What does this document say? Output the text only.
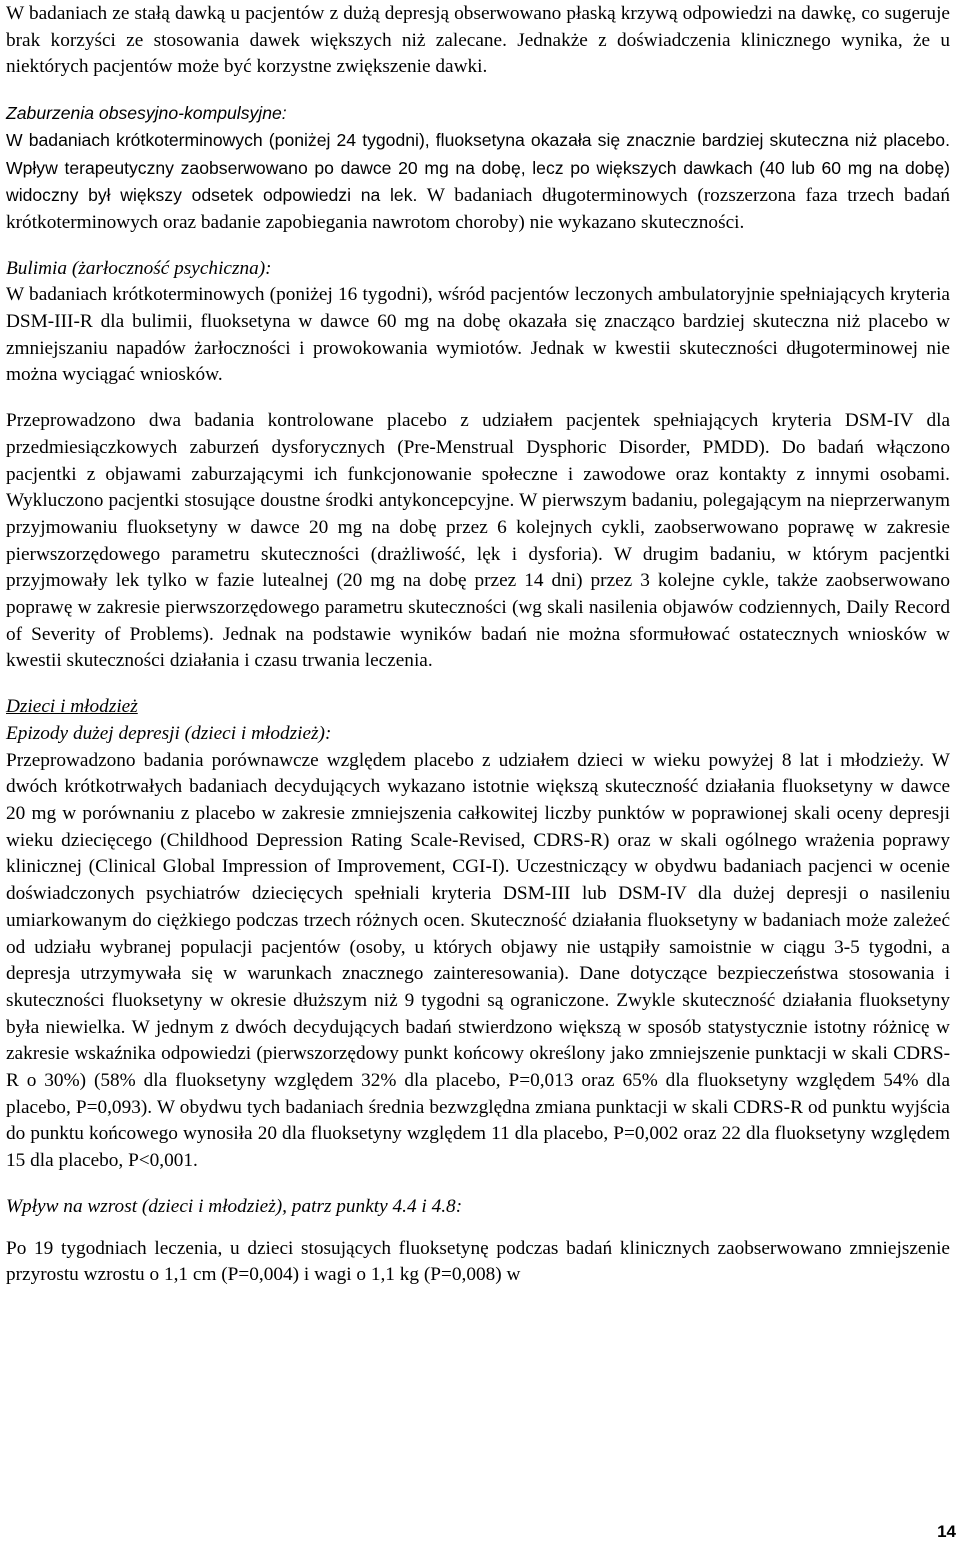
W badaniach ze stałą dawką u pacjentów z dużą depresją obserwowano płaską krzywą odpowiedzi na dawkę, co sugeruje brak korzyści ze stosowania dawek większych niż zalecane. Jednakże z doświadczenia klinicznego wynika, że u niektórych pacjentów może być korzystne zwiększenie dawki.

Zaburzenia obsesyjno-kompulsyjne:

W badaniach krótkoterminowych (poniżej 24 tygodni), fluoksetyna okazała się znacznie bardziej skuteczna niż placebo. Wpływ terapeutyczny zaobserwowano po dawce 20 mg na dobę, lecz po większych dawkach (40 lub 60 mg na dobę) widoczny był większy odsetek odpowiedzi na lek. W badaniach długoterminowych (rozszerzona faza trzech badań krótkoterminowych oraz badanie zapobiegania nawrotom choroby) nie wykazano skuteczności.

Bulimia (żarłoczność psychiczna):

W badaniach krótkoterminowych (poniżej 16 tygodni), wśród pacjentów leczonych ambulatoryjnie spełniających kryteria DSM-III-R dla bulimii, fluoksetyna w dawce 60 mg na dobę okazała się znacząco bardziej skuteczna niż placebo w zmniejszaniu napadów żarłoczności i prowokowania wymiotów. Jednak w kwestii skuteczności długoterminowej nie można wyciągać wniosków.

Przeprowadzono dwa badania kontrolowane placebo z udziałem pacjentek spełniających kryteria DSM-IV dla przedmiesiączkowych zaburzeń dysforycznych (Pre-Menstrual Dysphoric Disorder, PMDD). Do badań włączono pacjentki z objawami zaburzającymi ich funkcjonowanie społeczne i zawodowe oraz kontakty z innymi osobami. Wykluczono pacjentki stosujące doustne środki antykoncepcyjne. W pierwszym badaniu, polegającym na nieprzerwanym przyjmowaniu fluoksetyny w dawce 20 mg na dobę przez 6 kolejnych cykli, zaobserwowano poprawę w zakresie pierwszorzędowego parametru skuteczności (drażliwość, lęk i dysforia). W drugim badaniu, w którym pacjentki przyjmowały lek tylko w fazie lutealnej (20 mg na dobę przez 14 dni) przez 3 kolejne cykle, także zaobserwowano poprawę w zakresie pierwszorzędowego parametru skuteczności (wg skali nasilenia objawów codziennych, Daily Record of Severity of Problems). Jednak na podstawie wyników badań nie można sformułować ostatecznych wniosków w kwestii skuteczności działania i czasu trwania leczenia.

Dzieci i młodzież
Epizody dużej depresji (dzieci i młodzież):

Przeprowadzono badania porównawcze względem placebo z udziałem dzieci w wieku powyżej 8 lat i młodzieży. W dwóch krótkotrwałych badaniach decydujących wykazano istotnie większą skuteczność działania fluoksetyny w dawce 20 mg w porównaniu z placebo w zakresie zmniejszenia całkowitej liczby punktów w poprawionej skali oceny depresji wieku dziecięcego (Childhood Depression Rating Scale-Revised, CDRS-R) oraz w skali ogólnego wrażenia poprawy klinicznej (Clinical Global Impression of Improvement, CGI-I). Uczestniczący w obydwu badaniach pacjenci w ocenie doświadczonych psychiatrów dziecięcych spełniali kryteria DSM-III lub DSM-IV dla dużej depresji o nasileniu umiarkowanym do ciężkiego podczas trzech różnych ocen. Skuteczność działania fluoksetyny w badaniach może zależeć od udziału wybranej populacji pacjentów (osoby, u których objawy nie ustąpiły samoistnie w ciągu 3-5 tygodni, a depresja utrzymywała się w warunkach znacznego zainteresowania). Dane dotyczące bezpieczeństwa stosowania i skuteczności fluoksetyny w okresie dłuższym niż 9 tygodni są ograniczone. Zwykle skuteczność działania fluoksetyny była niewielka. W jednym z dwóch decydujących badań stwierdzono większą w sposób statystycznie istotny różnicę w zakresie wskaźnika odpowiedzi (pierwszorzędowy punkt końcowy określony jako zmniejszenie punktacji w skali CDRS-R o 30%) (58% dla fluoksetyny względem 32% dla placebo, P=0,013 oraz 65% dla fluoksetyny względem 54% dla placebo, P=0,093). W obydwu tych badaniach średnia bezwzględna zmiana punktacji w skali CDRS-R od punktu wyjścia do punktu końcowego wynosiła 20 dla fluoksetyny względem 11 dla placebo, P=0,002 oraz 22 dla fluoksetyny względem 15 dla placebo, P<0,001.

Wpływ na wzrost (dzieci i młodzież), patrz punkty 4.4 i 4.8:

Po 19 tygodniach leczenia, u dzieci stosujących fluoksetynę podczas badań klinicznych zaobserwowano zmniejszenie przyrostu wzrostu o 1,1 cm (P=0,004) i wagi o 1,1 kg (P=0,008) w

14
